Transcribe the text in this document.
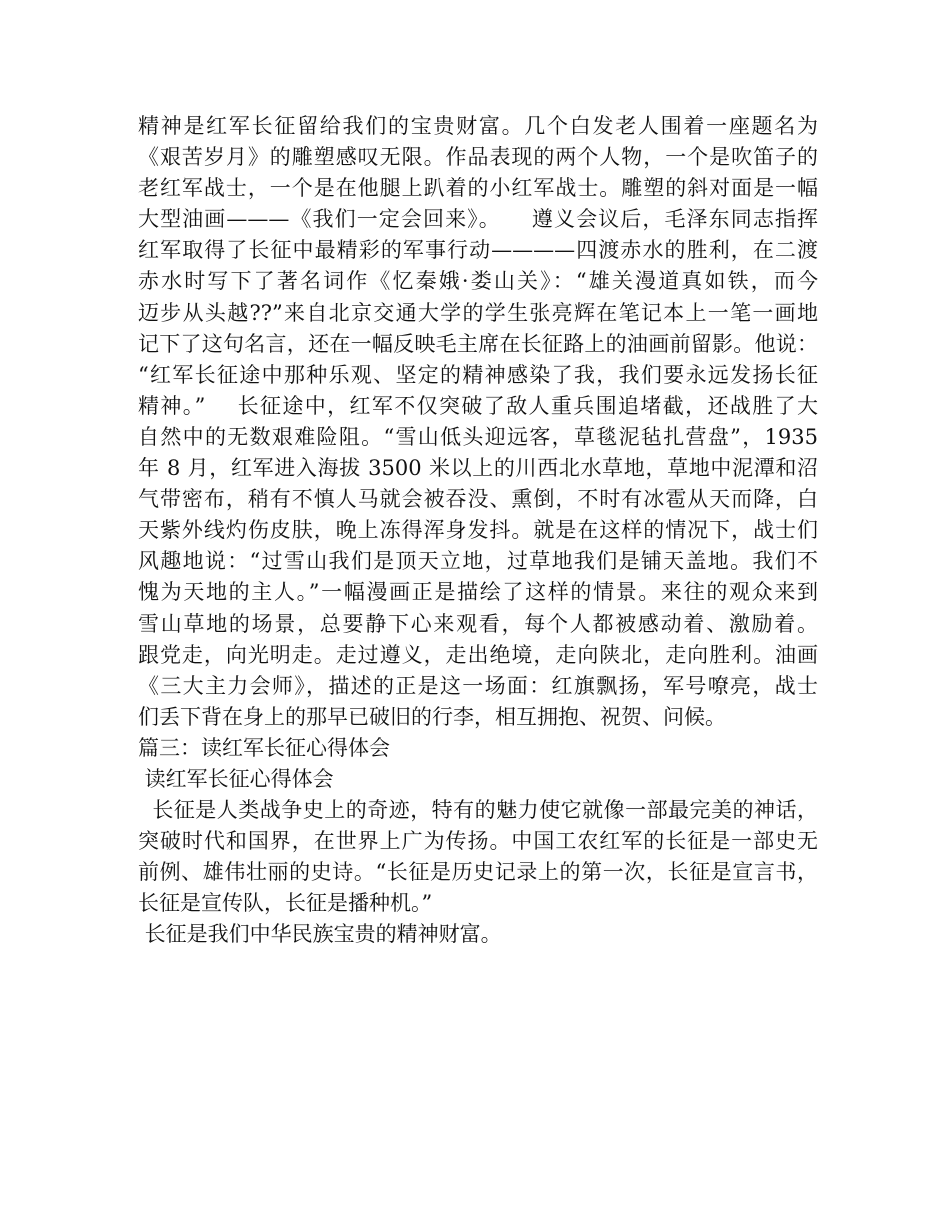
精神是红军长征留给我们的宝贵财富。几个白发老人围着一座题名为
《艰苦岁月》的雕塑感叹无限。作品表现的两个人物，一个是吹笛子的
老红军战士，一个是在他腿上趴着的小红军战士。雕塑的斜对面是一幅
大型油画———《我们一定会回来》。    遵义会议后，毛泽东同志指挥
红军取得了长征中最精彩的军事行动————四渡赤水的胜利，在二渡
赤水时写下了著名词作《忆秦娥·娄山关》：“雄关漫道真如铁，而今
迈步从头越??”来自北京交通大学的学生张亮辉在笔记本上一笔一画地
记下了这句名言，还在一幅反映毛主席在长征路上的油画前留影。他说：
“红军长征途中那种乐观、坚定的精神感染了我，我们要永远发扬长征
精神。”    长征途中，红军不仅突破了敌人重兵围追堵截，还战胜了大
自然中的无数艰难险阻。“雪山低头迎远客，草毯泥毡扎营盘”，1935
年 8 月，红军进入海拔 3500 米以上的川西北水草地，草地中泥潭和沼
气带密布，稍有不慎人马就会被吞没、熏倒，不时有冰雹从天而降，白
天紫外线灼伤皮肤，晚上冻得浑身发抖。就是在这样的情况下，战士们
风趣地说：“过雪山我们是顶天立地，过草地我们是铺天盖地。我们不
愧为天地的主人。”一幅漫画正是描绘了这样的情景。来往的观众来到
雪山草地的场景，总要静下心来观看，每个人都被感动着、激励着。
跟党走，向光明走。走过遵义，走出绝境，走向陕北，走向胜利。油画
《三大主力会师》，描述的正是这一场面：红旗飘扬，军号嘹亮，战士
们丢下背在身上的那早已破旧的行李，相互拥抱、祝贺、问候。
篇三：读红军长征心得体会
读红军长征心得体会
长征是人类战争史上的奇迹，特有的魅力使它就像一部最完美的神话，
突破时代和国界，在世界上广为传扬。中国工农红军的长征是一部史无
前例、雄伟壮丽的史诗。“长征是历史记录上的第一次，长征是宣言书，
长征是宣传队，长征是播种机。”
长征是我们中华民族宝贵的精神财富。
